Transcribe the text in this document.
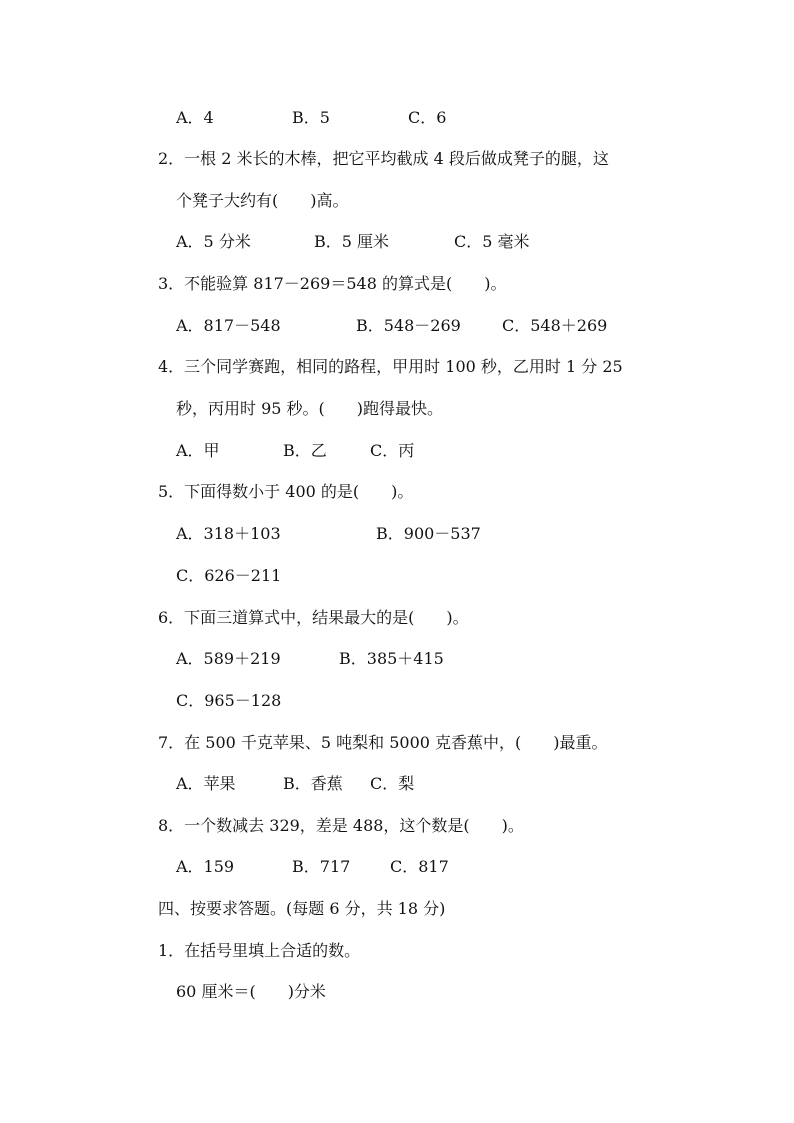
A．4	B．5	C．6
2．一根 2 米长的木棒，把它平均截成 4 段后做成凳子的腿，这
个凳子大约有(　　)高。
A．5 分米	B．5 厘米	C．5 毫米
3．不能验算 817－269＝548 的算式是(　　)。
A．817－548	B．548－269	C．548＋269
4．三个同学赛跑，相同的路程，甲用时 100 秒，乙用时 1 分 25
秒，丙用时 95 秒。(　　)跑得最快。
A．甲	B．乙	C．丙
5．下面得数小于 400 的是(　　)。
A．318＋103	B．900－537
C．626－211
6．下面三道算式中，结果最大的是(　　)。
A．589＋219	B．385＋415
C．965－128
7．在 500 千克苹果、5 吨梨和 5000 克香蕉中，(　　)最重。
A．苹果	B．香蕉 C．梨
8．一个数减去 329，差是 488，这个数是(　　)。
A．159	B．717 C．817
四、按要求答题。(每题 6 分，共 18 分)
1．在括号里填上合适的数。
60 厘米＝(　　)分米
